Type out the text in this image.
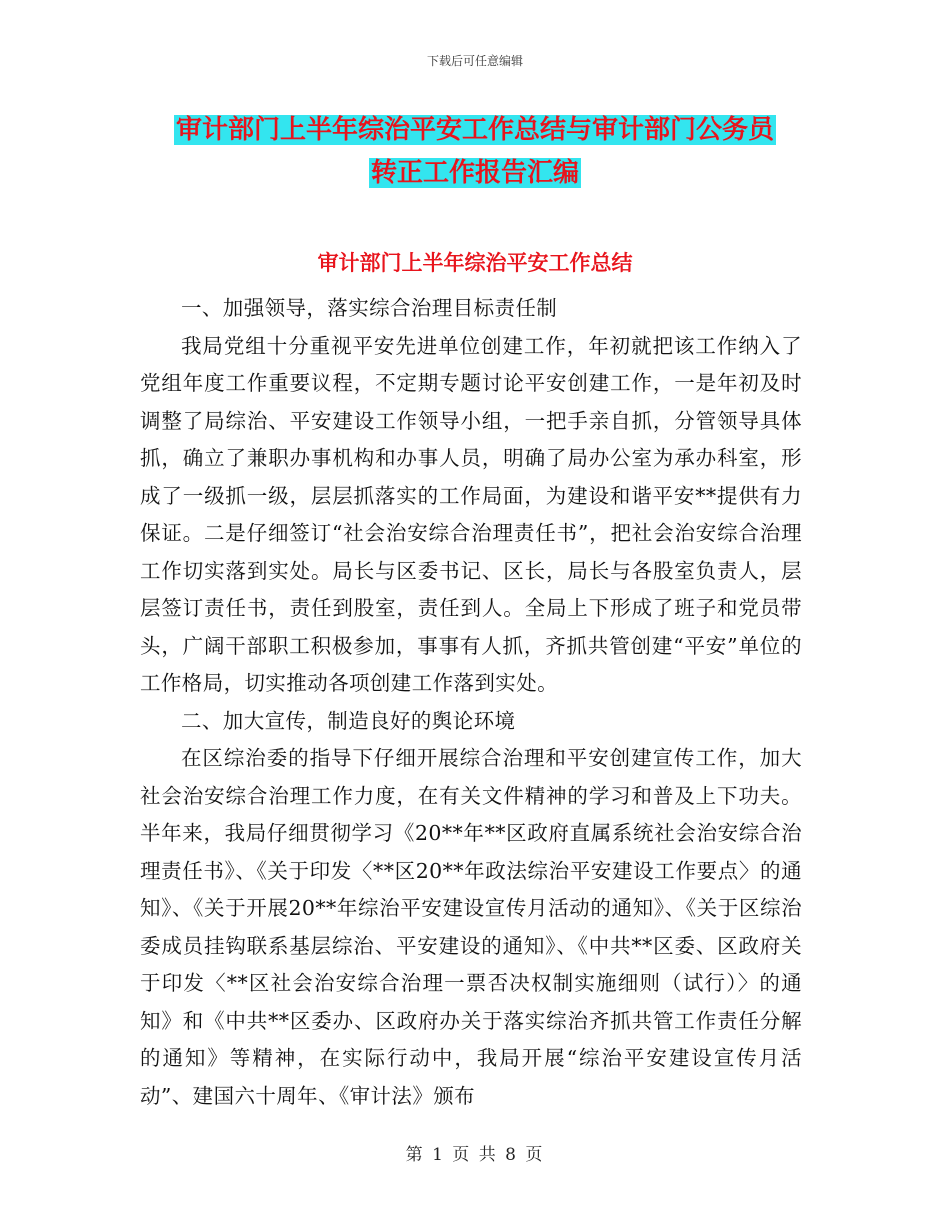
下载后可任意编辑
审计部门上半年综治平安工作总结与审计部门公务员
转正工作报告汇编
审计部门上半年综治平安工作总结

一、加强领导，落实综合治理目标责任制

我局党组十分重视平安先进单位创建工作，年初就把该工作纳入了党组年度工作重要议程，不定期专题讨论平安创建工作，一是年初及时调整了局综治、平安建设工作领导小组，一把手亲自抓，分管领导具体抓，确立了兼职办事机构和办事人员，明确了局办公室为承办科室，形成了一级抓一级，层层抓落实的工作局面，为建设和谐平安**提供有力保证。二是仔细签订“社会治安综合治理责任书”，把社会治安综合治理工作切实落到实处。局长与区委书记、区长，局长与各股室负责人，层层签订责任书，责任到股室，责任到人。全局上下形成了班子和党员带头，广阔干部职工积极参加，事事有人抓，齐抓共管创建“平安”单位的工作格局，切实推动各项创建工作落到实处。

二、加大宣传，制造良好的舆论环境

在区综治委的指导下仔细开展综合治理和平安创建宣传工作，加大社会治安综合治理工作力度，在有关文件精神的学习和普及上下功夫。半年来，我局仔细贯彻学习《20**年**区政府直属系统社会治安综合治理责任书》、《关于印发〈**区20**年政法综治平安建设工作要点〉的通知》、《关于开展20**年综治平安建设宣传月活动的通知》、《关于区综治委成员挂钩联系基层综治、平安建设的通知》、《中共**区委、区政府关于印发〈**区社会治安综合治理一票否决权制实施细则（试行）〉的通知》和《中共**区委办、区政府办关于落实综治齐抓共管工作责任分解的通知》等精神，在实际行动中，我局开展“综治平安建设宣传月活动”、建国六十周年、《审计法》颁布

第 1 页 共 8 页
